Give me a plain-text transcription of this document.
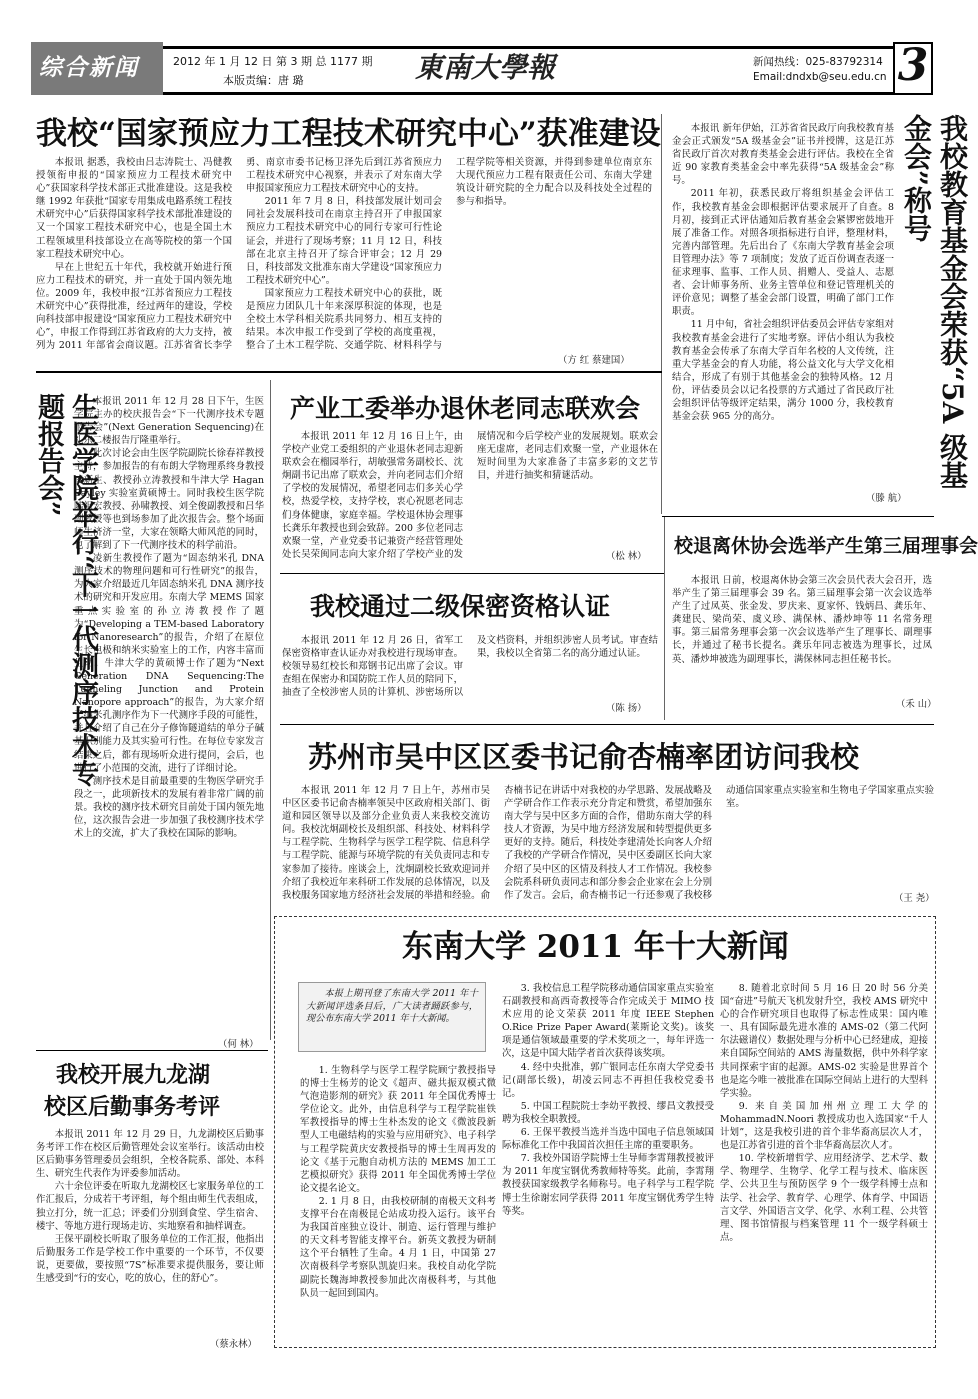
综合新闻	2012 年 1 月 12 日 第 3 期 总 1177 期
本版责编：唐 璐	東南大學報	新闻热线：025-83792314
Email:dndxb@seu.edu.cn 3
我校“国家预应力工程技术研究中心”获准建设

本报讯 据悉，我校由吕志涛院士、冯健教授领衔申报的“国家预应力工程技术研究中心”获国家科学技术部正式批准建设。这是我校继 1992 年获批“国家专用集成电路系统工程技术研究中心”后获得国家科学技术部批准建设的又一个国家工程技术研究中心，也是全国土木工程领域里科技部设立在高等院校的第一个国家工程技术研究中心。

早在上世纪五十年代，我校就开始进行预应力工程技术的研究，并一直处于国内领先地位。2009 年，我校申报“江苏省预应力工程技术研究中心”获得批准，经过两年的建设，学校向科技部申报建设“国家预应力工程技术研究中心”，申报工作得到江苏省政府的大力支持，被列为 2011 年部省会商议题。江苏省省长李学勇、南京市委书记杨卫泽先后到江苏省预应力工程技术研究中心视察，并表示了对东南大学申报国家预应力工程技术研究中心的支持。

2011 年 7 月 8 日，科技部发展计划司会同社会发展科技司在南京主持召开了申报国家预应力工程技术研究中心的同行专家可行性论证会，并进行了现场考察；11 月 12 日，科技部在北京主持召开了综合评审会；12 月 29 日，科技部发文批准东南大学建设“国家预应力工程技术研究中心”。

国家预应力工程技术研究中心的获批，既是预应力团队几十年来深厚积淀的体现，也是全校土木学科相关院系共同努力、相互支持的结果。本次申报工作受到了学校的高度重视，整合了土木工程学院、交通学院、材料科学与工程学院等相关资源，并得到参建单位南京东大现代预应力工程有限责任公司、东南大学建筑设计研究院的全力配合以及科技处全过程的参与和指导。

（方 红 蔡建国）

本报讯 新年伊始，江苏省省民政厅向我校教育基金会正式颁发“5A 级基金会”证书并授牌，这是江苏省民政厅首次对教育类基金会进行评估。我校在全省近 90 家教育类基金会中率先获得“5A 级基金会”称号。

2011 年初，获悉民政厅将组织基金会评估工作，我校教育基金会即根据评估要求展开了自查。8 月初，接到正式评估通知后教育基金会紧锣密鼓地开展了准备工作。对照各项指标进行自评，整理材料，完善内部管理。先后出台了《东南大学教育基金会项目管理办法》等 7 项制度；发放了近百份调查表逐一征求理事、监事、工作人员、捐赠人、受益人、志愿者、会计师事务所、业务主管单位和登记管理机关的评价意见；调整了基金会部门设置，明确了部门工作职责。

11 月中旬，省社会组织评估委员会评估专家组对我校教育基金会进行了实地考察。评估小组认为我校教育基金会传承了东南大学百年名校的人文传统，注重大学基金会的育人功能，将公益文化与大学文化相结合，形成了有别于其他基金会的独特风格。12 月份，评估委员会以记名投票的方式通过了省民政厅社会组织评估等级评定结果，满分 1000 分，我校教育基金会获 965 分的高分。

（滕 航）
我校教育基金会荣获“5A 级基金会”称号
生医学院举行“下一代测序技术专题报告会”	本报讯 2011 年 12 月 28 日下午，生医学院主办的校庆报告会“下一代测序技术专题报告会”(Next Generation Sequencing)在礼东二楼报告厅隆重举行。

此次讨论会由生医学院副院长徐春祥教授主持，参加报告的有布朗大学物理系终身教授凌新生、教授孙立涛教授和牛津大学 Hagan Bayley 实验室黄硕博士。同时我校生医学院陆祖宏教授、孙啸教授、刘全俊副教授和吕华副教授等也到场参加了此次报告会。整个场面师生济济一堂，大家在领略大师风范的同时，也了解到了下一代测序技术的科学前沿。

凌新生教授作了题为“固态纳米孔 DNA 测序技术的物理问题和可行性研究”的报告，为大家介绍最近几年固态纳米孔 DNA 测序技术的研究和开发应用。东南大学 MEMS 国家重点实验室的孙立涛教授作了题为“Developing a TEM-based Laboratory for Nanoresearch”的报告，介绍了在原位生长电极和纳米实验室上的工作，内容丰富而生动。牛津大学的黄硕博士作了题为“Next Generation DNA Sequencing:The Tunneling Junction and Protein Nanopore approach”的报告，为大家介绍了纳米孔测序作为下一代测序手段的可能性，并且介绍了自己在分子修饰隧道结的单分子碱基识别能力及其实验可行性。在每位专家发言结束之后，都有现场听众进行提问，会后，也进行了小范围的交流，进行了详细讨论。

测序技术是目前最重要的生物医学研究手段之一，此项新技术的发展有着非常广阔的前景。我校的测序技术研究目前处于国内领先地位，这次报告会进一步加强了我校测序技术学术上的交流，扩大了我校在国际的影响。

（何 林）
产业工委举办退休老同志联欢会

本报讯 2011 年 12 月 16 日上午，由学校产业党工委组织的产业退休老同志迎新联欢会在榴园举行，胡敏强常务副校长、沈炯副书记出席了联欢会，并向老同志们介绍了学校的发展情况，希望老同志们多关心学校，热爱学校，支持学校，衷心祝愿老同志们身体健康，家庭幸福。学校退休协会理事长龚乐年教授也到会致辞。200 多位老同志欢聚一堂，产业党委书记兼资产经营管理处处长吴荣闽同志向大家介绍了学校产业的发展情况和今后学校产业的发展规划。联欢会座无虚席，老同志们欢聚一堂，产业退休在短时间里为大家准备了丰富多彩的文艺节目，并进行抽奖和猜谜活动。

（松 林）
我校通过二级保密资格认证

本报讯 2011 年 12 月 26 日，省军工保密资格审查认证办对我校进行现场审查。校领导易红校长和郑钢书记出席了会议。审查组在保密办和国防院工作人员的陪同下，抽查了全校涉密人员的计算机、涉密场所以及文档资料，并组织涉密人员考试。审查结果，我校以全省第二名的高分通过认证。

（陈 扬）
校退离休协会选举产生第三届理事会

本报讯 日前，校退离休协会第三次会员代表大会召开，选举产生了第三届理事会 39 名。第三届理事会第一次会议选举产生了过凤英、张金发、罗庆来、夏家怀、钱炳昌、龚乐年、龚建民、梁尚荣、虞义珍、满保林、潘炒坤等 11 名常务理事。第三届常务理事会第一次会议选举产生了理事长、副理事长，并通过了秘书长提名。龚乐年同志被选为理事长，过凤英、潘炒坤被选为副理事长，满保林同志担任秘书长。

（禾 山）
苏州市吴中区区委书记俞杏楠率团访问我校

本报讯 2011 年 12 月 7 日上午，苏州市吴中区区委书记俞杏楠率领吴中区政府相关部门、街道和园区领导以及部分企业负责人来我校交流访问。我校沈炯副校长及组织部、科技处、材料科学与工程学院、生物科学与医学工程学院、信息科学与工程学院、能源与环境学院的有关负责同志和专家参加了接待。座谈会上，沈炯副校长致欢迎词并介绍了我校近年来科研工作发展的总体情况，以及我校服务国家地方经济社会发展的举措和经验。俞杏楠书记在讲话中对我校的办学思路、发展战略及产学研合作工作表示充分肯定和赞赏，希望加强东南大学与吴中区多方面的合作，借助东南大学的科技人才资源，为吴中地方经济发展和转型提供更多更好的支持。随后，科技处李建清处长向客人介绍了我校的产学研合作情况，吴中区委副区长向大家介绍了吴中区的区情及科技人才工作情况。我校参会院系科研负责同志和部分参会企业家在会上分别作了发言。会后，俞杏楠书记一行还参观了我校移动通信国家重点实验室和生物电子学国家重点实验室。

（王 尧）
东南大学 2011 年十大新闻
本报上期刊登了东南大学 2011 年十大新闻评选条目后，广大读者踊跃参与，现公布东南大学 2011 年十大新闻。

1. 生物科学与医学工程学院顾宁教授指导的博士生杨芳的论文《超声、磁共振双模式微气泡造影剂的研究》获 2011 年全国优秀博士学位论文。此外，由信息科学与工程学院崔铁军教授指导的博士生朴杰发的论文《微波段新型人工电磁结构的实验与应用研究》、电子科学与工程学院黄庆安教授指导的博士生周再发的论文《基于元胞自动机方法的 MEMS 加工工艺模拟研究》获得 2011 年全国优秀博士学位论文提名论文。

2. 1 月 8 日，由我校研制的南极天文科考支撑平台在南极昆仑站成功投入运行。该平台为我国首座独立设计、制造、运行管理与维护的天文科考智能支撑平台。新英文教授为研制这个平台牺牲了生命。4 月 1 日，中国第 27 次南极科学考察队凯旋归来。我校自动化学院副院长魏海坤教授参加此次南极科考，与其他队员一起回到国内。

3. 我校信息工程学院移动通信国家重点实验室石副教授和高西奇教授等合作完成关于 MIMO 技术应用的论文荣获 2011 年度 IEEE Stephen O.Rice Prize Paper Award(莱斯论文奖)。该奖项是通信领域最重要的学术奖项之一，每年评选一次，这是中国大陆学者首次获得该奖项。

4. 经中央批准，郭广银同志任东南大学党委书记(副部长级)，胡凌云同志不再担任我校党委书记。

5. 中国工程院院士李幼平教授、缪昌文教授受聘为我校全职教授。

6. 王保平教授当选并当选中国电子信息领域国际标准化工作中我国首次担任主席的重要职务。

7. 我校外国语学院博士生导师李霄翔教授被评为 2011 年度宝钢优秀教师特等奖。此前，李霄翔教授获国家级教学名师称号。电子科学与工程学院博士生徐谢宏同学获得 2011 年度宝钢优秀学生特等奖。

8. 随着北京时间 5 月 16 日 20 时 56 分美国“奋进”号航天飞机发射升空，我校 AMS 研究中心的合作研究项目也取得了标志性成果：国内唯一、具有国际最先进水准的 AMS-02（第二代阿尔法磁谱仪）数据处理与分析中心已经建成，迎接来自国际空间站的 AMS 海量数据，供中外科学家共同探索宇宙的起源。AMS-02 实验是世界首个也是迄今唯一被批准在国际空间站上进行的大型科学实验。

9. 来自美国加州州立理工大学的 MohammadN.Noori 教授成功也入选国家“千人计划”，这是我校引进的首个非华裔高层次人才，也是江苏省引进的首个非华裔高层次人才。

10. 学校新增哲学、应用经济学、艺术学、数学、物理学、生物学、化学工程与技术、临床医学、公共卫生与预防医学 9 个一级学科博士点和法学、社会学、教育学、心理学、体育学、中国语言文学、外国语言文学、化学、水利工程、公共管理、图书馆情报与档案管理 11 个一级学科硕士点。

我校开展九龙湖
校区后勤事务考评

本报讯 2011 年 12 月 29 日，九龙湖校区后勤事务考评工作在校区后勤管理处会议室举行。该活动由校区后勤事务管理委员会组织，全校各院系、部处、本科生、研究生代表作为评委参加活动。

六十余位评委在听取九龙湖校区七家服务单位的工作汇报后，分成若干考评组，每个组由师生代表组成，独立打分，统一汇总；评委们分别到食堂、学生宿舍、楼宇、等地方进行现场走访、实地察看和抽样调查。

王保平副校长听取了服务单位的工作汇报，他指出后勤服务工作是学校工作中重要的一个环节，不仅要说，更要做，要按照“7S”标准要求提供服务，要让师生感受到“行的安心，吃的放心，住的舒心”。

（蔡永林）
